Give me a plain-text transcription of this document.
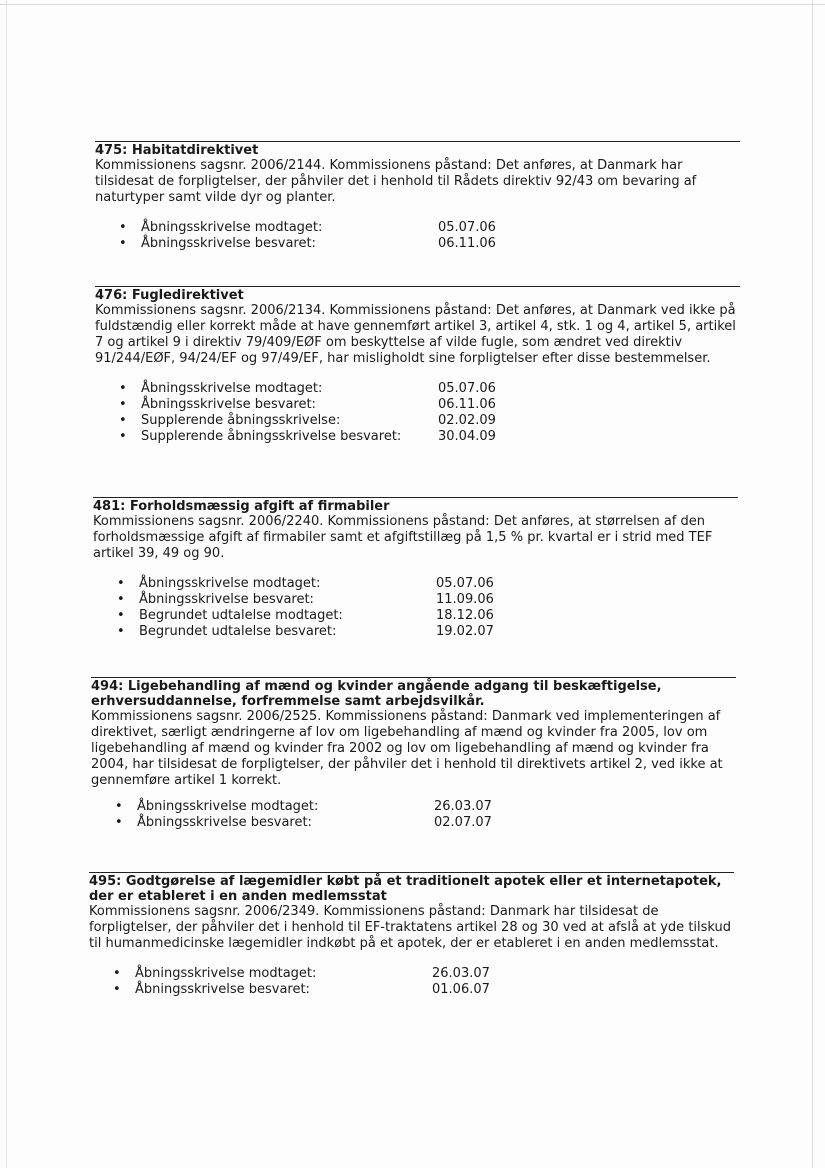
475: Habitatdirektivet
Kommissionens sagsnr. 2006/2144. Kommissionens påstand: Det anføres, at Danmark har tilsidesat de forpligtelser, der påhviler det i henhold til Rådets direktiv 92/43 om bevaring af naturtyper samt vilde dyr og planter.
• Åbningsskrivelse modtaget:	05.07.06
• Åbningsskrivelse besvaret:	06.11.06
476: Fugledirektivet
Kommissionens sagsnr. 2006/2134. Kommissionens påstand: Det anføres, at Danmark ved ikke på fuldstændig eller korrekt måde at have gennemført artikel 3, artikel 4, stk. 1 og 4, artikel 5, artikel 7 og artikel 9 i direktiv 79/409/EØF om beskyttelse af vilde fugle, som ændret ved direktiv 91/244/EØF, 94/24/EF og 97/49/EF, har misligholdt sine forpligtelser efter disse bestemmelser.
• Åbningsskrivelse modtaget:	05.07.06
• Åbningsskrivelse besvaret:	06.11.06
• Supplerende åbningsskrivelse:	02.02.09
• Supplerende åbningsskrivelse besvaret:	30.04.09
481: Forholdsmæssig afgift af firmabiler
Kommissionens sagsnr. 2006/2240. Kommissionens påstand: Det anføres, at størrelsen af den forholdsmæssige afgift af firmabiler samt et afgiftstillæg på 1,5 % pr. kvartal er i strid med TEF artikel 39, 49 og 90.
• Åbningsskrivelse modtaget:	05.07.06
• Åbningsskrivelse besvaret:	11.09.06
• Begrundet udtalelse modtaget:	18.12.06
• Begrundet udtalelse besvaret:	19.02.07
494: Ligebehandling af mænd og kvinder angående adgang til beskæftigelse, erhversuddannelse, forfremmelse samt arbejdsvilkår.
Kommissionens sagsnr. 2006/2525. Kommissionens påstand: Danmark ved implementeringen af direktivet, særligt ændringerne af lov om ligebehandling af mænd og kvinder fra 2005, lov om ligebehandling af mænd og kvinder fra 2002 og lov om ligebehandling af mænd og kvinder fra 2004, har tilsidesat de forpligtelser, der påhviler det i henhold til direktivets artikel 2, ved ikke at gennemføre artikel 1 korrekt.
• Åbningsskrivelse modtaget:	26.03.07
• Åbningsskrivelse besvaret:	02.07.07
495: Godtgørelse af lægemidler købt på et traditionelt apotek eller et internetapotek, der er etableret i en anden medlemsstat
Kommissionens sagsnr. 2006/2349. Kommissionens påstand: Danmark har tilsidesat de forpligtelser, der påhviler det i henhold til EF-traktatens artikel 28 og 30 ved at afslå at yde tilskud til humanmedicinske lægemidler indkøbt på et apotek, der er etableret i en anden medlemsstat.
• Åbningsskrivelse modtaget:	26.03.07
• Åbningsskrivelse besvaret:	01.06.07
